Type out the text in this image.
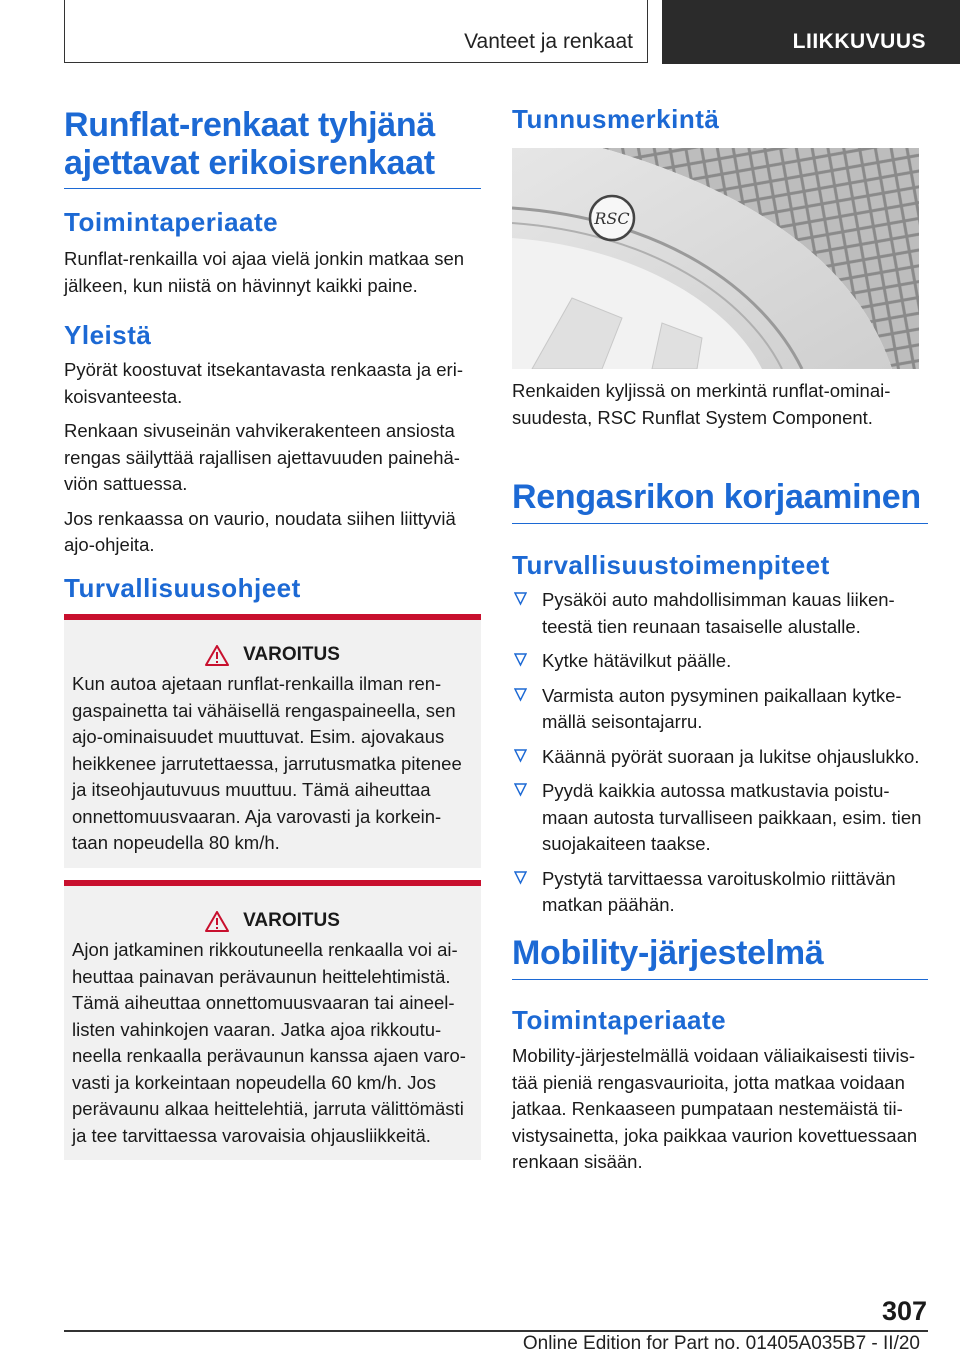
Vanteet ja renkaat	LIIKKUVUUS
Runflat-renkaat tyhjänä
ajettavat erikoisrenkaat
Toimintaperiaate

Runflat-renkailla voi ajaa vielä jonkin matkaa sen
jälkeen, kun niistä on hävinnyt kaikki paine.

Yleistä

Pyörät koostuvat itsekantavasta renkaasta ja eri-
koisvanteesta.

Renkaan sivuseinän vahvikerakenteen ansiosta
rengas säilyttää rajallisen ajettavuuden painehä-
viön sattuessa.

Jos renkaassa on vaurio, noudata siihen liittyviä
ajo-ohjeita.

Turvallisuusohjeet
VAROITUS
Kun autoa ajetaan runflat-renkailla ilman ren-
gaspainetta tai vähäisellä rengaspaineella, sen
ajo-ominaisuudet muuttuvat. Esim. ajovakaus
heikkenee jarrutettaessa, jarrutusmatka pitenee
ja itseohjautuvuus muuttuu. Tämä aiheuttaa
onnettomuusvaaran. Aja varovasti ja korkein-
taan nopeudella 80 km/h.
VAROITUS
Ajon jatkaminen rikkoutuneella renkaalla voi ai-
heuttaa painavan perävaunun heittelehtimistä.
Tämä aiheuttaa onnettomuusvaaran tai aineel-
listen vahinkojen vaaran. Jatka ajoa rikkoutu-
neella renkaalla perävaunun kanssa ajaen varo-
vasti ja korkeintaan nopeudella 60 km/h. Jos
perävaunu alkaa heittelehtiä, jarruta välittömästi
ja tee tarvittaessa varovaisia ohjausliikkeitä.
Tunnusmerkintä
RSC

Renkaiden kyljissä on merkintä runflat-ominai-
suudesta, RSC Runflat System Component.

Rengasrikon korjaaminen
Turvallisuustoimenpiteet
Pysäköi auto mahdollisimman kauas liiken-
teestä tien reunaan tasaiselle alustalle.
Kytke hätävilkut päälle.
Varmista auton pysyminen paikallaan kytke-
mällä seisontajarru.
Käännä pyörät suoraan ja lukitse ohjauslukko.
Pyydä kaikkia autossa matkustavia poistu-
maan autosta turvalliseen paikkaan, esim. tien
suojakaiteen taakse.
Pystytä tarvittaessa varoituskolmio riittävän
matkan päähän.
Mobility-järjestelmä
Toimintaperiaate

Mobility-järjestelmällä voidaan väliaikaisesti tiivis-
tää pieniä rengasvaurioita, jotta matkaa voidaan
jatkaa. Renkaaseen pumpataan nestemäistä tii-
vistysainetta, joka paikkaa vaurion kovettuessaan
renkaan sisään.

307
Online Edition for Part no. 01405A035B7 - II/20
